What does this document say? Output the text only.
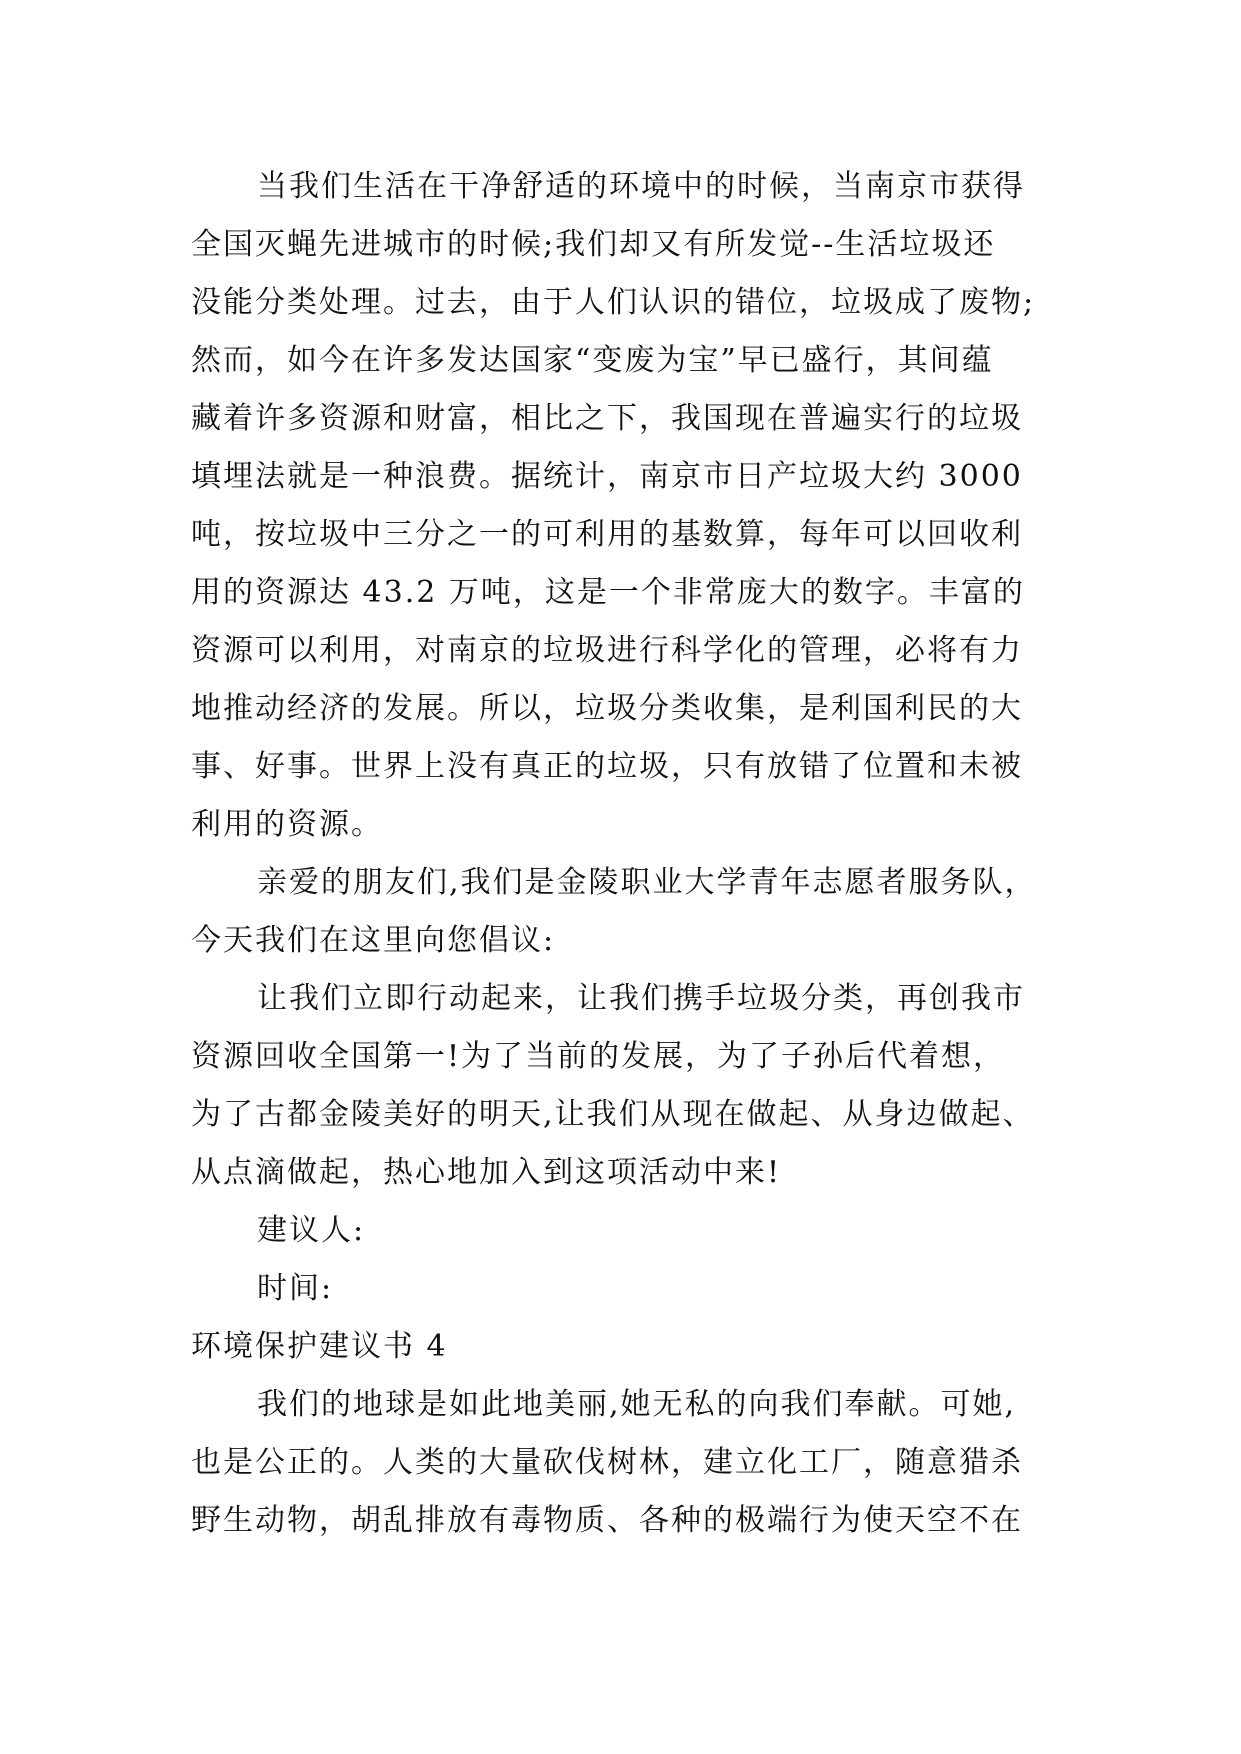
当我们生活在干净舒适的环境中的时候，当南京市获得
全国灭蝇先进城市的时候;我们却又有所发觉--生活垃圾还
没能分类处理。过去，由于人们认识的错位，垃圾成了废物;
然而，如今在许多发达国家“变废为宝”早已盛行，其间蕴
藏着许多资源和财富，相比之下，我国现在普遍实行的垃圾
填埋法就是一种浪费。据统计，南京市日产垃圾大约 3000
吨，按垃圾中三分之一的可利用的基数算，每年可以回收利
用的资源达 43.2 万吨，这是一个非常庞大的数字。丰富的
资源可以利用，对南京的垃圾进行科学化的管理，必将有力
地推动经济的发展。所以，垃圾分类收集，是利国利民的大
事、好事。世界上没有真正的垃圾，只有放错了位置和未被
利用的资源。
亲爱的朋友们,我们是金陵职业大学青年志愿者服务队，
今天我们在这里向您倡议:
让我们立即行动起来，让我们携手垃圾分类，再创我市
资源回收全国第一!为了当前的发展，为了子孙后代着想，
为了古都金陵美好的明天,让我们从现在做起、从身边做起、
从点滴做起，热心地加入到这项活动中来!
建议人:
时间:
环境保护建议书 4
我们的地球是如此地美丽,她无私的向我们奉献。可她,
也是公正的。人类的大量砍伐树林，建立化工厂，随意猎杀
野生动物，胡乱排放有毒物质、各种的极端行为使天空不在
